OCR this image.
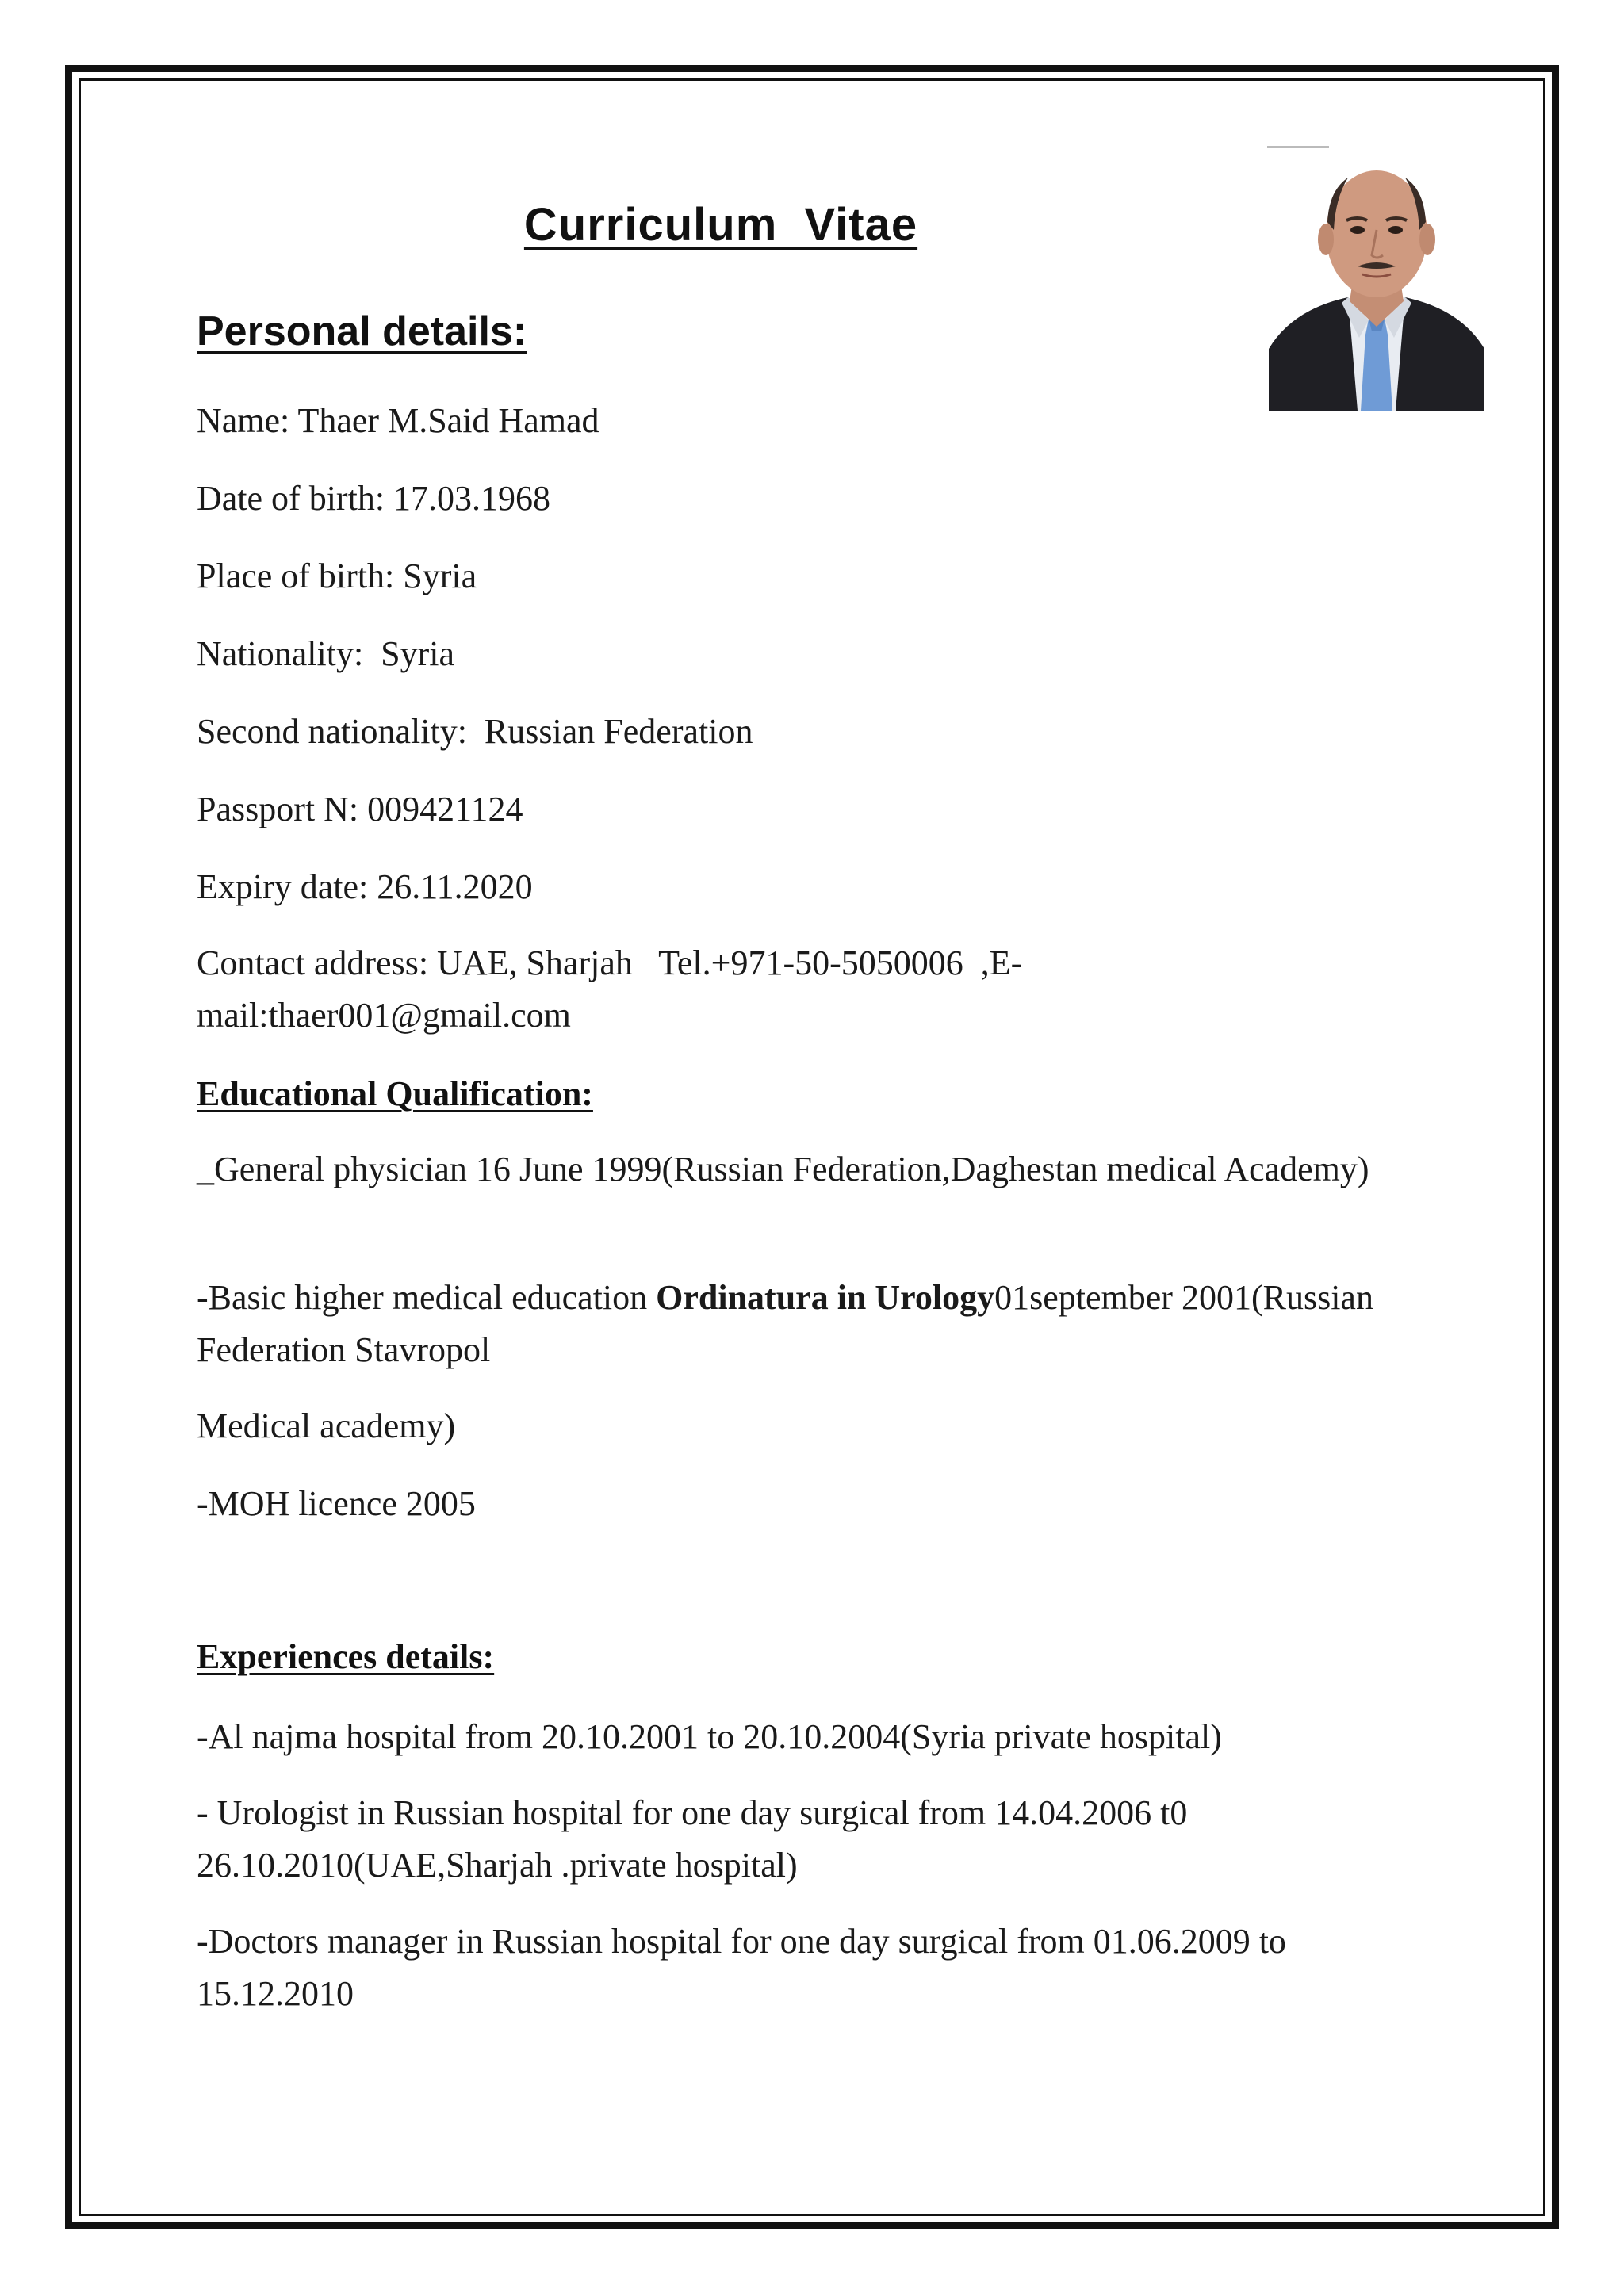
Curriculum  Vitae
Personal details:
Name: Thaer M.Said Hamad
Date of birth: 17.03.1968
Place of birth: Syria
Nationality:  Syria
Second nationality:  Russian Federation
Passport N: 009421124
Expiry date: 26.11.2020
Contact address: UAE, Sharjah   Tel.+971-50-5050006  ,E-
mail:thaer001@gmail.com
Educational Qualification:
_General physician 16 June 1999(Russian Federation,Daghestan medical Academy)
-Basic higher medical education Ordinatura in Urology01september 2001(Russian Federation Stavropol
Medical academy)
-MOH licence 2005
Experiences details:
-Al najma hospital from 20.10.2001 to 20.10.2004(Syria private hospital)
- Urologist in Russian hospital for one day surgical from 14.04.2006 t0 26.10.2010(UAE,Sharjah .private hospital)
-Doctors manager in Russian hospital for one day surgical from 01.06.2009 to 15.12.2010
